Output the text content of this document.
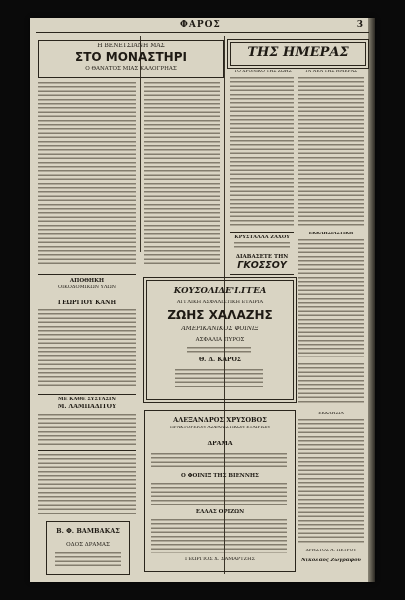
ΦΑΡΟΣ	3
Η ΒΕΝΕΤΣΙΑΝΗ ΜΑΣ
ΣΤΟ ΜΟΝΑΣΤΗΡΙ
Ο ΘΑΝΑΤΟΣ ΜΙΑΣ ΚΑΛΟΓΡΗΑΣ
ΑΠΟΘΗΚΗ
ΟΙΚΟΔΟΜΙΚΩΝ ΥΛΩΝ
ΓΕΩΡΓΙΟΥ ΚΑΝΗ
ΜΕ ΚΑΘΕ ΣΥΣΤΑΣΙΝ
Μ. ΛΑΜΠΑΔΙΤΟΥ
Β. Φ. ΒΑΜΒΑΚΑΣ
ΟΔΟΣ ΔΡΑΜΑΣ
ΤΗΣ ΗΜΕΡΑΣ
ΤΟ ΧΡΟΝΙΚΟ ΤΗΣ ΖΩΗΣ	ΤΑ ΝΕΑ ΤΗΣ ΗΜΕΡΑΣ
ΚΡΥΣΤΑΛΛΑ ΖΑΧΟΥ
ΔΙΑΒΑΣΕΤΕ ΤΗΝ
ΓΚΟΣΣΟΥ
ΕΚΚΛΗΣΙΑΣΤΙΚΗ
ΕΚΚΛΗΣΙΑ
ΧΡΗΣΤΟΣ Α. ΠΕΤΡΟΥ
Νικόλαος Ζωγράφου
ΚΟΥΣΟΛΙΔΕ'Ι.ΓΓΕΑ
ΑΓΓΛΙΚΗ ΑΣΦΑΛΙΣΤΙΚΗ ΕΤΑΙΡΙΑ
ΖΩΗΣ ΧΑΛΑΖΗΣ
ΑΜΕΡΙΚΑΝΙΚΟΣ ΦΟΙΝΙΞ
ΑΣΦΑΛΙΑ ΠΥΡΟΣ
Θ. Δ. ΚΑΡΟΣ
ΑΛΕΞΑΝΔΡΟΣ ΧΡΥΣΟΒΟΣ
ΠΡΑΚΤΟΡΕΙΟΝ ΑΣΦΑΛΙΣΤΙΚΩΝ ΕΤΑΙΡΙΩΝ
ΔΡΑΜΑ
Ο ΦΟΙΝΙΞ ΤΗΣ ΒΙΕΝΝΗΣ
ΕΛΛΑΣ ΟΡΙΖΩΝ
ΓΕΩΡΓΙΟΣ Χ. ΣΑΜΑΡΤΖΗΣ
